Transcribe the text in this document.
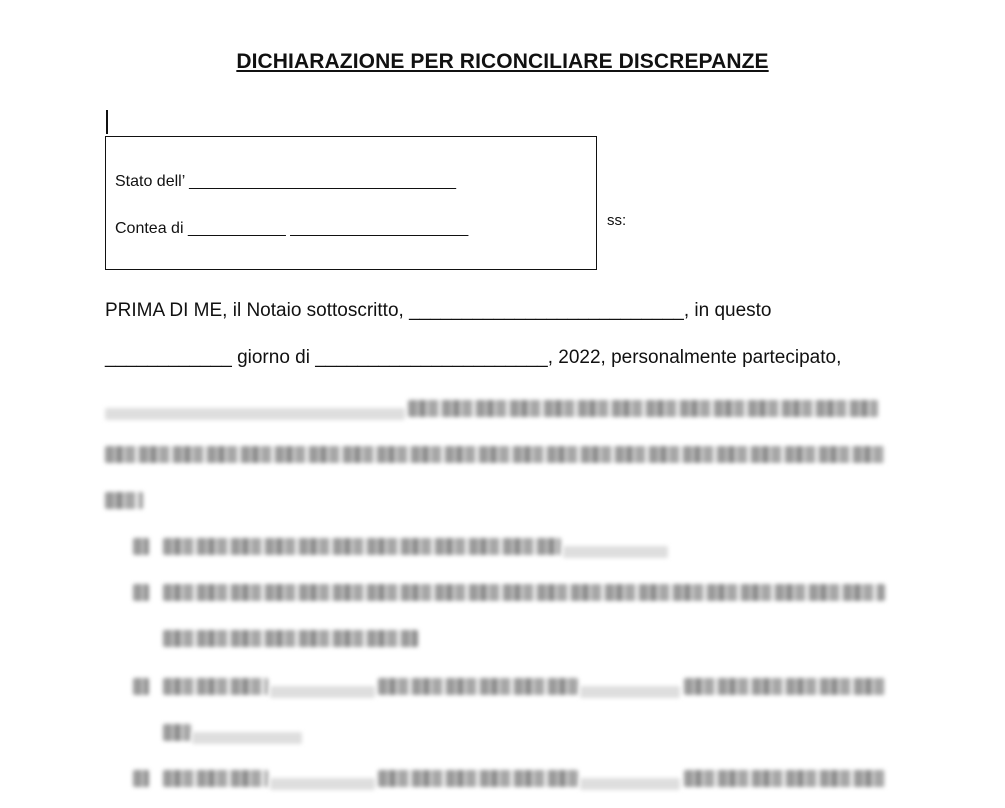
DICHIARAZIONE PER RICONCILIARE DISCREPANZE
Stato dell’ ______________________________
Contea di ___________ ____________________	ss:
PRIMA DI ME, il Notaio sottoscritto, __________________________, in questo
____________ giorno di ______________________, 2022, personalmente partecipato,
